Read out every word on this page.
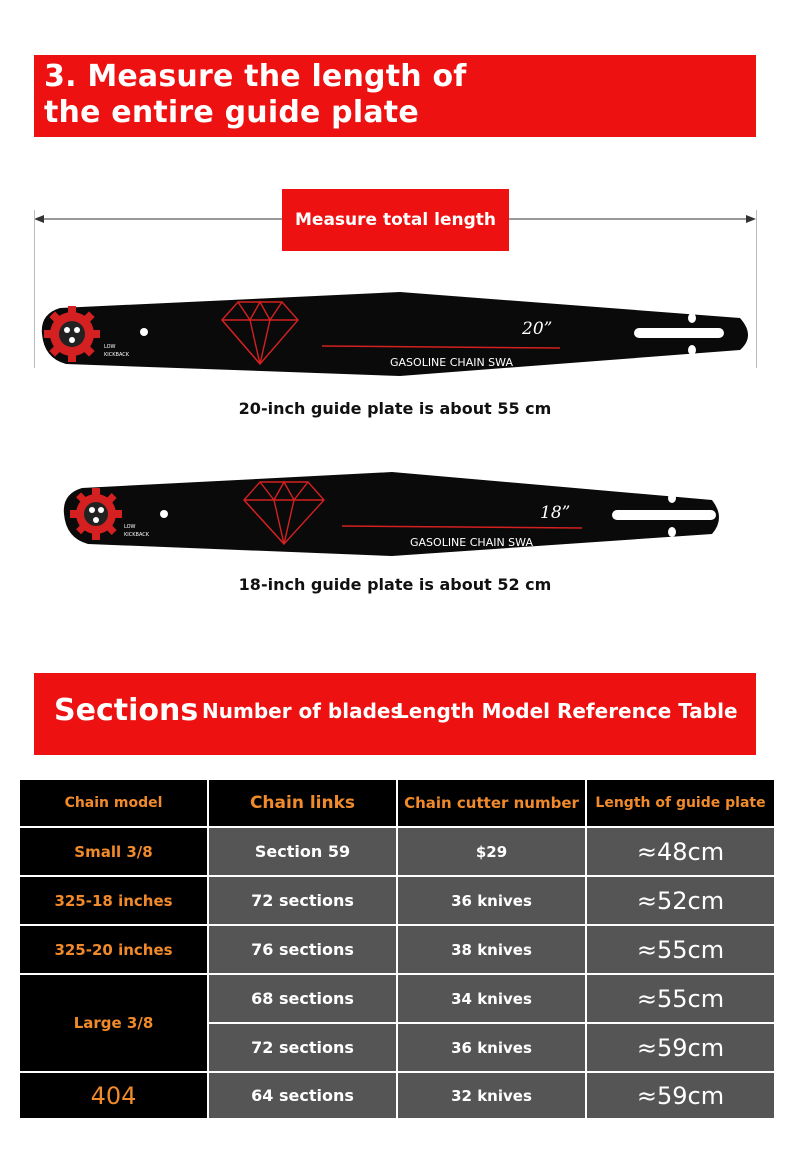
3. Measure the length of
the entire guide plate
Measure total length
LOW
KICKBACK
20”
GASOLINE CHAIN SWA
20-inch guide plate is about 55 cm
LOW
KICKBACK
18”
GASOLINE CHAIN SWA
18-inch guide plate is about 52 cm
Sections Number of blades
Length Model Reference Table
Chain model	Chain links	Chain cutter number	Length of guide plate
Small 3/8	Section 59	$29	≈48cm
325-18 inches	72 sections	36 knives	≈52cm
325-20 inches	76 sections	38 knives	≈55cm
Large 3/8
68 sections	34 knives	≈55cm
72 sections	36 knives	≈59cm
404	64 sections	32 knives	≈59cm
